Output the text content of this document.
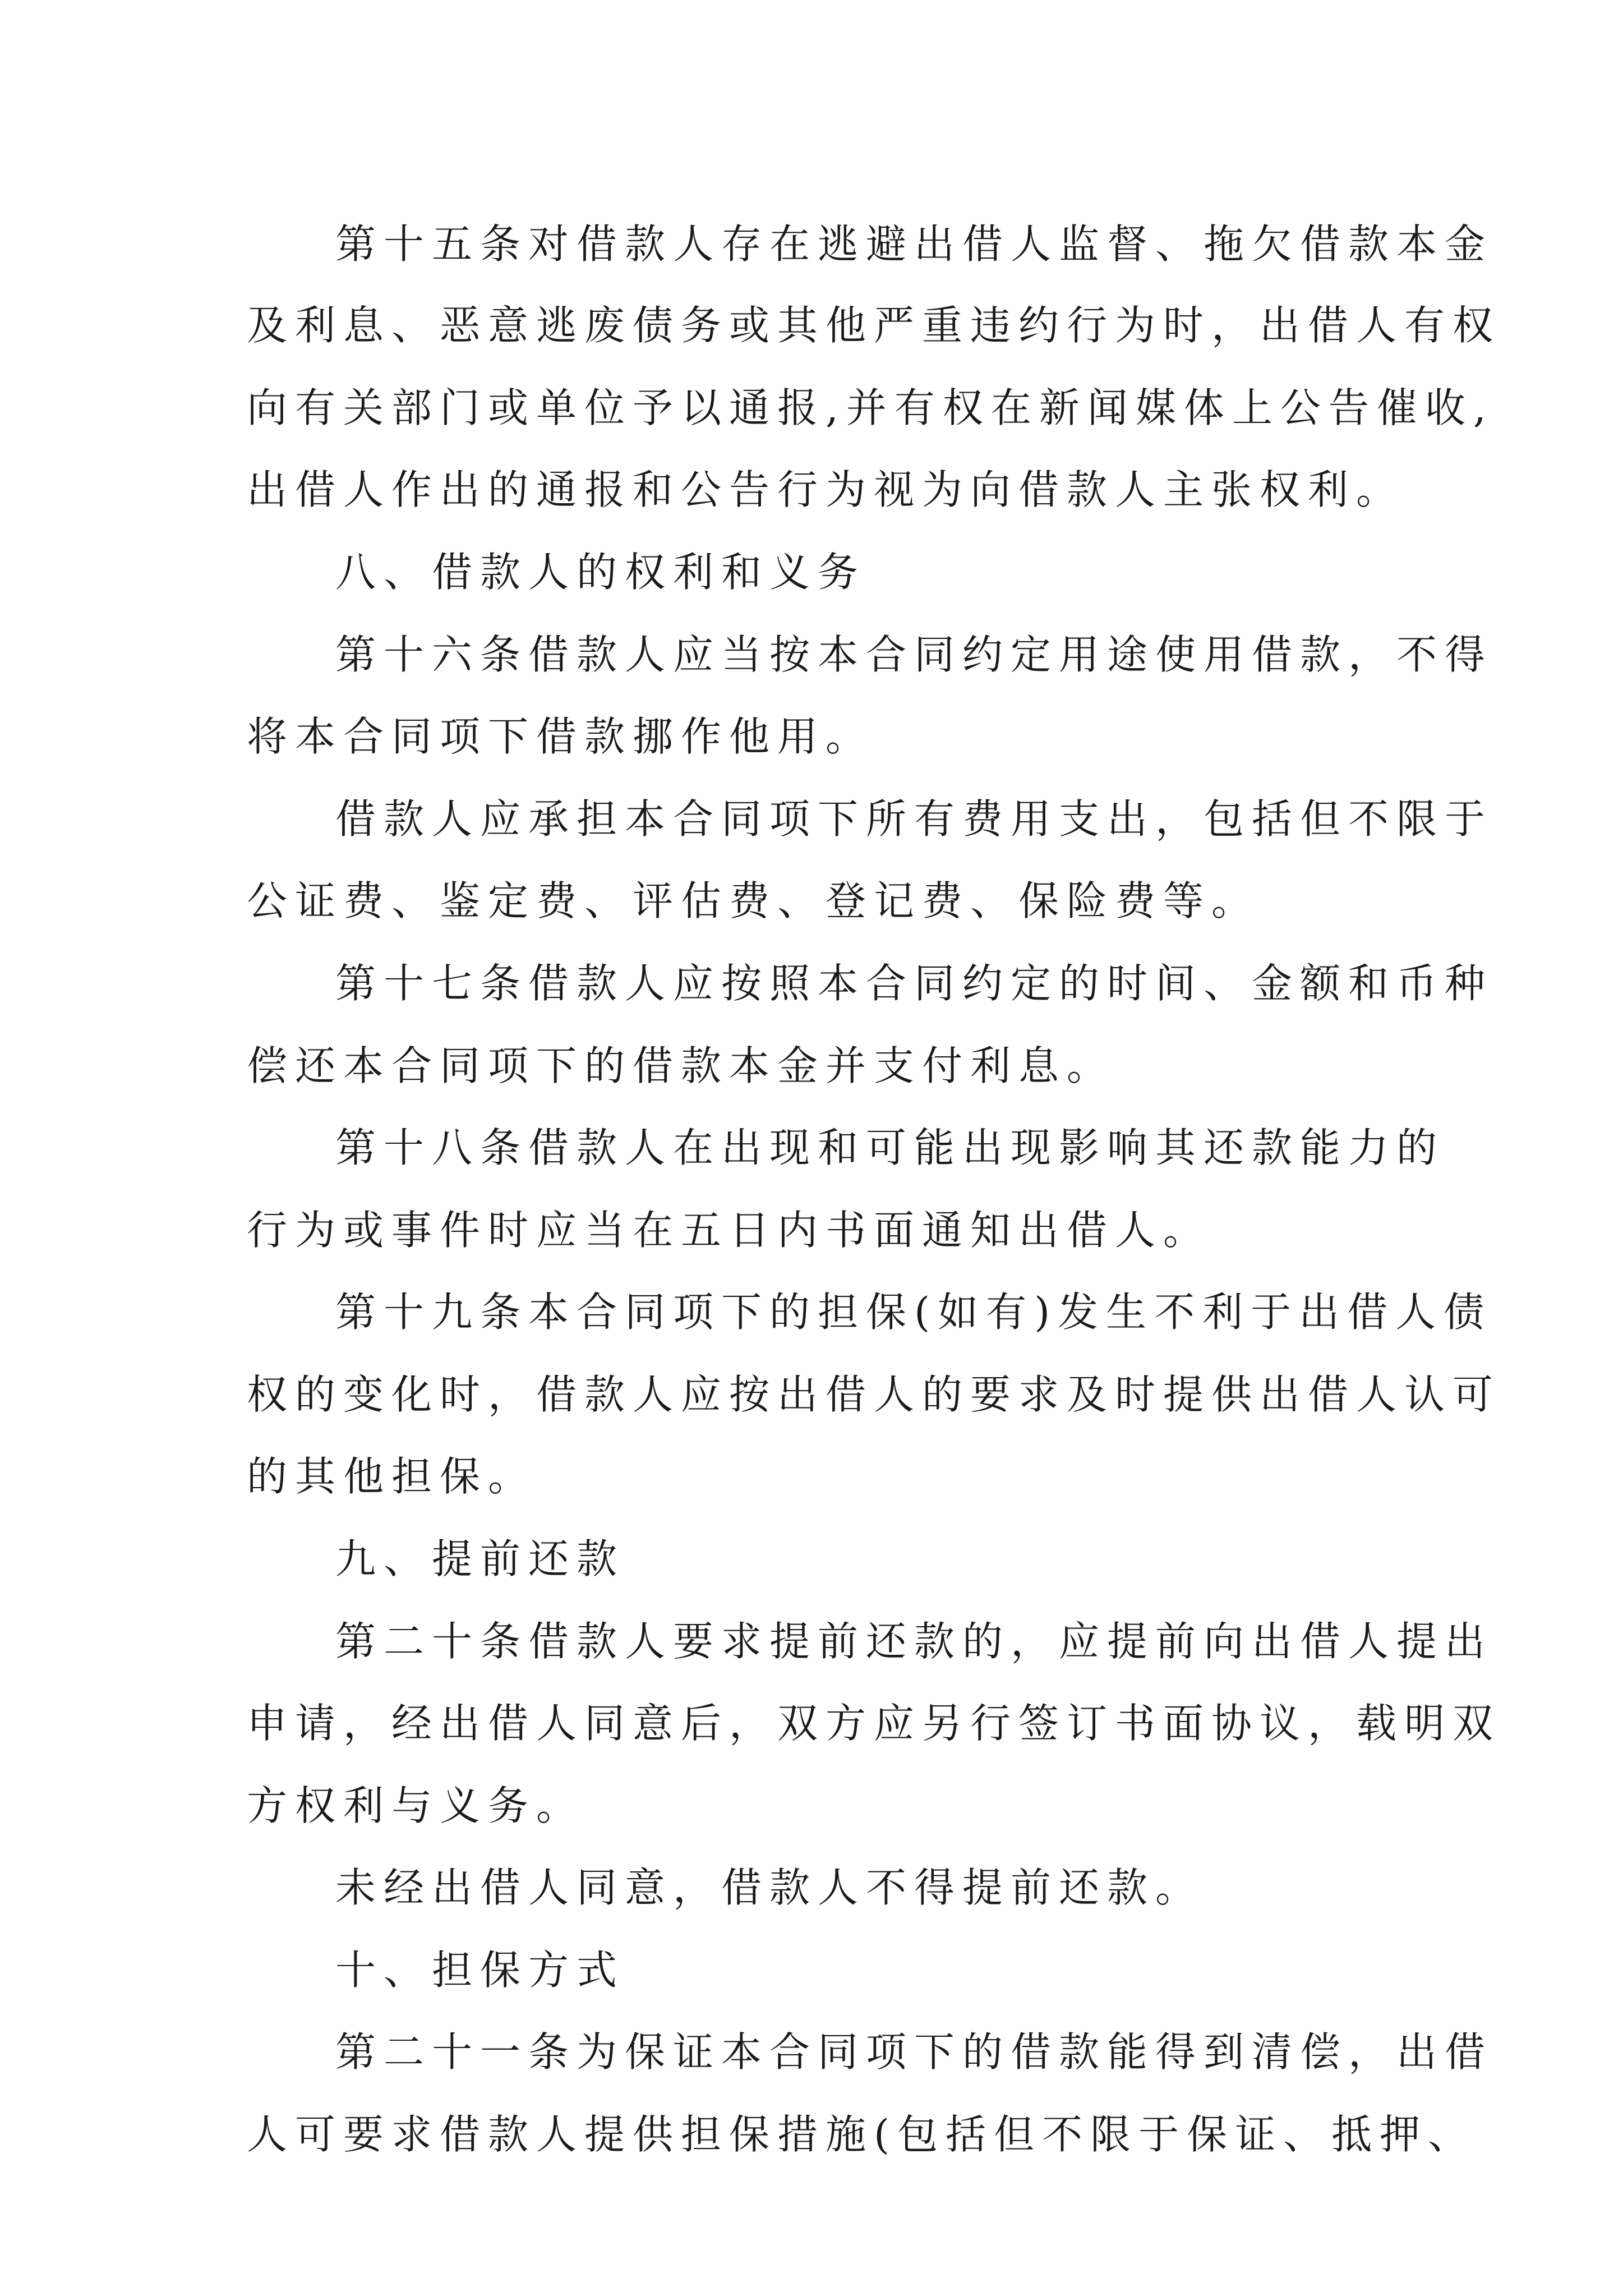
第十五条对借款人存在逃避出借人监督、拖欠借款本金
及利息、恶意逃废债务或其他严重违约行为时，出借人有权
向有关部门或单位予以通报,并有权在新闻媒体上公告催收,
出借人作出的通报和公告行为视为向借款人主张权利。
八、借款人的权利和义务
第十六条借款人应当按本合同约定用途使用借款，不得
将本合同项下借款挪作他用。
借款人应承担本合同项下所有费用支出，包括但不限于
公证费、鉴定费、评估费、登记费、保险费等。
第十七条借款人应按照本合同约定的时间、金额和币种
偿还本合同项下的借款本金并支付利息。
第十八条借款人在出现和可能出现影响其还款能力的
行为或事件时应当在五日内书面通知出借人。
第十九条本合同项下的担保(如有)发生不利于出借人债
权的变化时，借款人应按出借人的要求及时提供出借人认可
的其他担保。
九、提前还款
第二十条借款人要求提前还款的，应提前向出借人提出
申请，经出借人同意后，双方应另行签订书面协议，载明双
方权利与义务。
未经出借人同意，借款人不得提前还款。
十、担保方式
第二十一条为保证本合同项下的借款能得到清偿，出借
人可要求借款人提供担保措施(包括但不限于保证、抵押、
